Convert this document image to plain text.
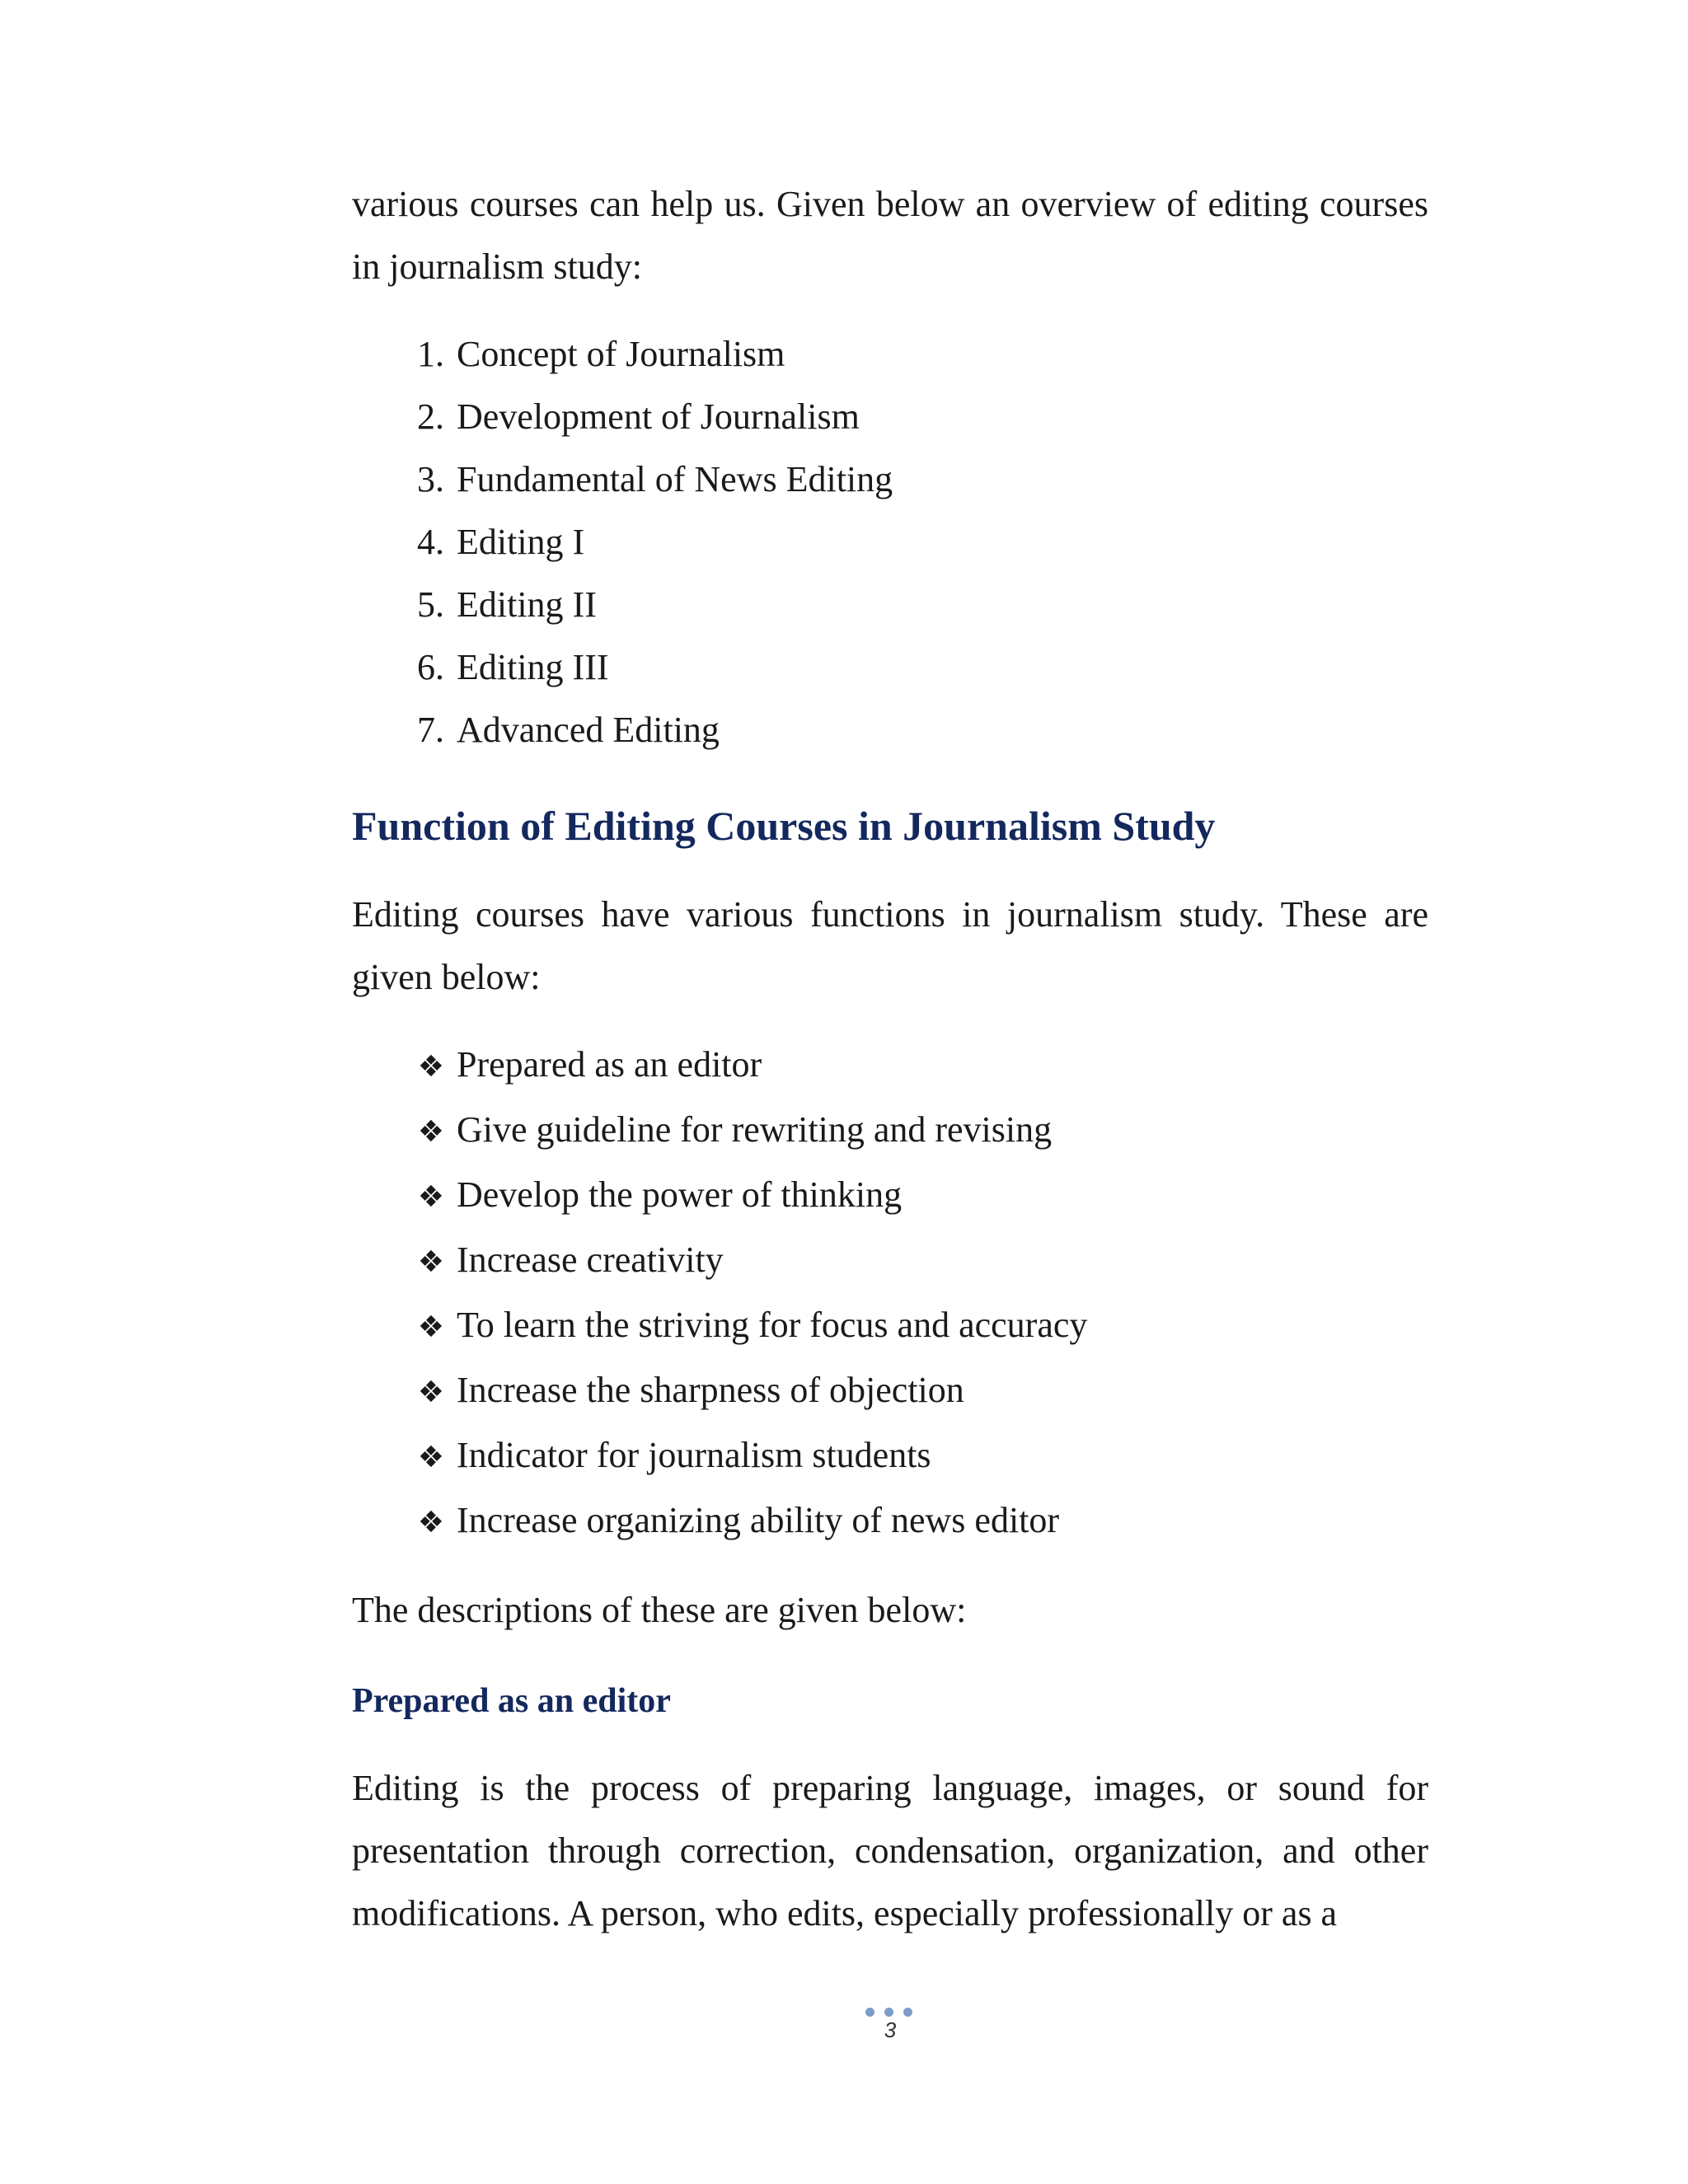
various courses can help us. Given below an overview of editing courses in journalism study:

1. Concept of Journalism
2. Development of Journalism
3. Fundamental of News Editing
4. Editing I
5. Editing II
6. Editing III
7. Advanced Editing
Function of Editing Courses in Journalism Study

Editing courses have various functions in journalism study. These are given below:

❖ Prepared as an editor
❖ Give guideline for rewriting and revising
❖ Develop the power of thinking
❖ Increase creativity
❖ To learn the striving for focus and accuracy
❖ Increase the sharpness of objection
❖ Indicator for journalism students
❖ Increase organizing ability of news editor

The descriptions of these are given below:

Prepared as an editor

Editing is the process of preparing language, images, or sound for presentation through correction, condensation, organization, and other modifications. A person, who edits, especially professionally or as a

3
